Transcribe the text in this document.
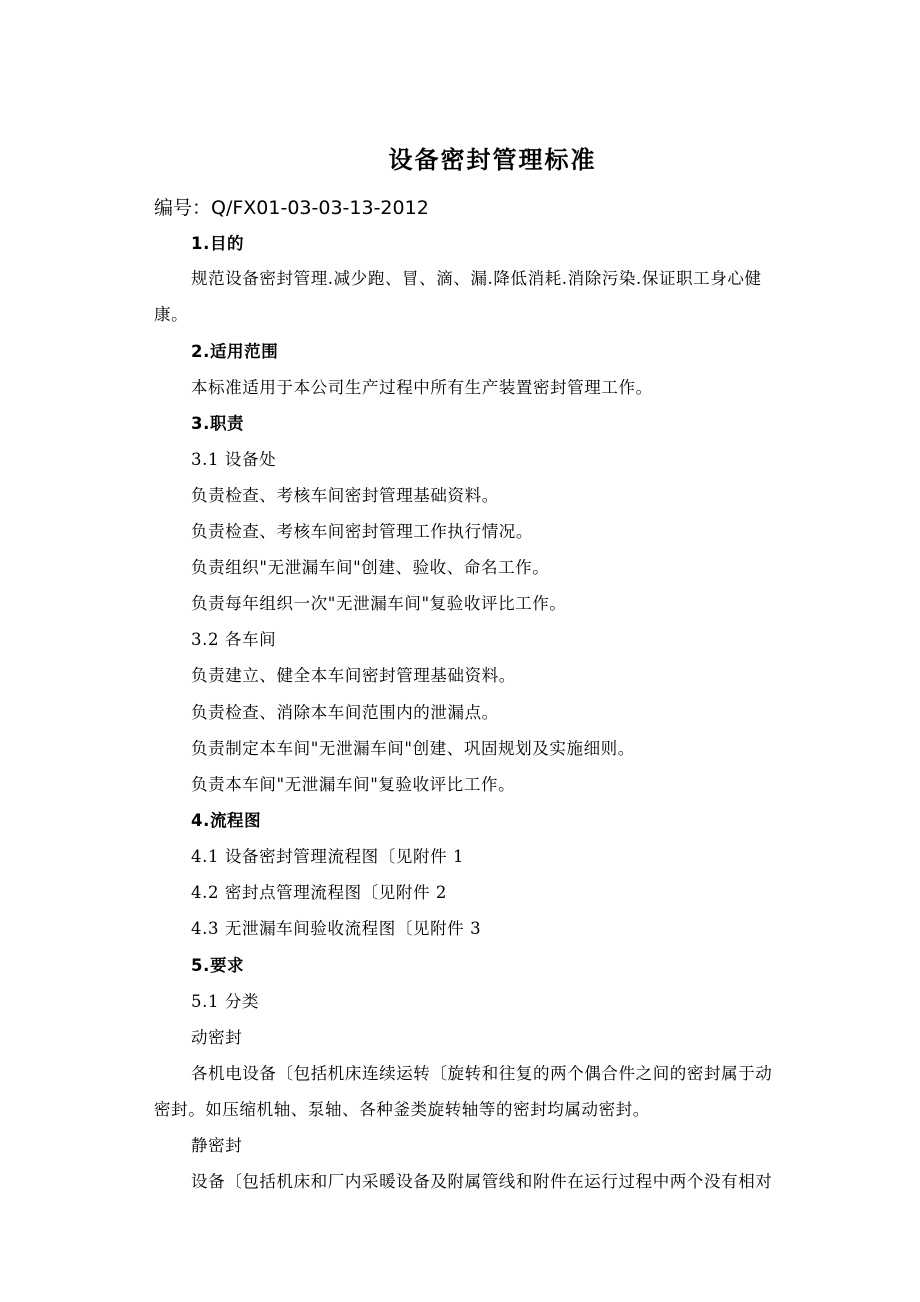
设备密封管理标准
编号：Q/FX01-03-03-13-2012
1.目的
规范设备密封管理.减少跑、冒、滴、漏.降低消耗.消除污染.保证职工身心健
康。
2.适用范围
本标准适用于本公司生产过程中所有生产装置密封管理工作。
3.职责
3.1 设备处
负责检查、考核车间密封管理基础资料。
负责检查、考核车间密封管理工作执行情况。
负责组织"无泄漏车间"创建、验收、命名工作。
负责每年组织一次"无泄漏车间"复验收评比工作。
3.2 各车间
负责建立、健全本车间密封管理基础资料。
负责检查、消除本车间范围内的泄漏点。
负责制定本车间"无泄漏车间"创建、巩固规划及实施细则。
负责本车间"无泄漏车间"复验收评比工作。
4.流程图
4.1 设备密封管理流程图〔见附件 1
4.2 密封点管理流程图〔见附件 2
4.3 无泄漏车间验收流程图〔见附件 3
5.要求
5.1 分类
动密封
各机电设备〔包括机床连续运转〔旋转和往复的两个偶合件之间的密封属于动
密封。如压缩机轴、泵轴、各种釜类旋转轴等的密封均属动密封。
静密封
设备〔包括机床和厂内采暖设备及附属管线和附件在运行过程中两个没有相对
